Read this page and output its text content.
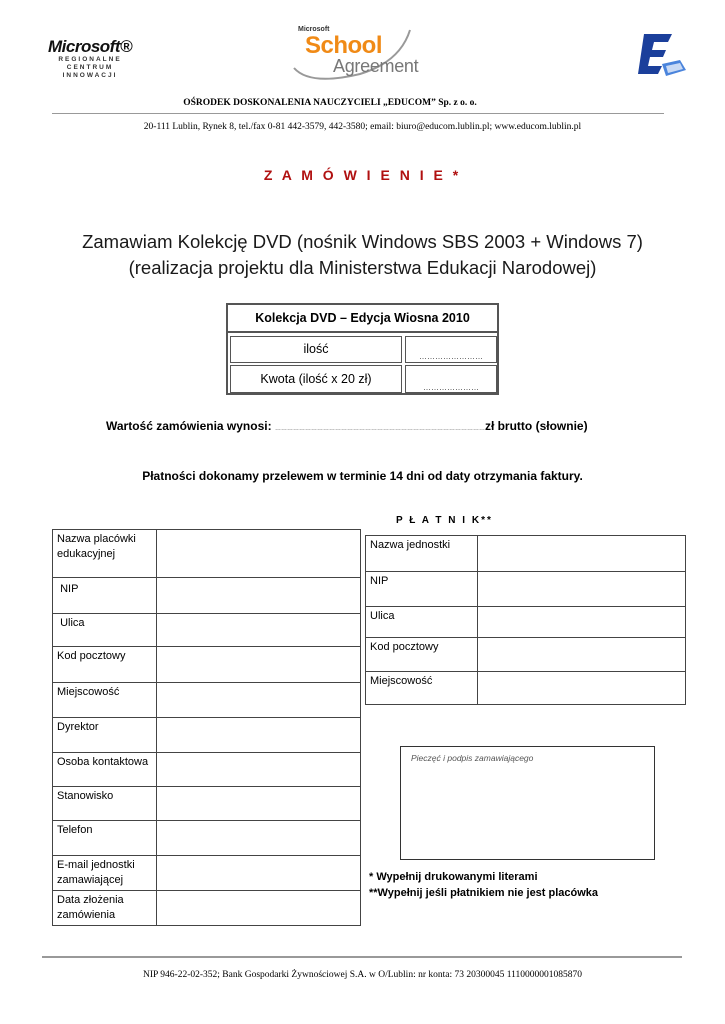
Microsoft®
REGIONALNE
CENTRUM
INNOWACJI
Microsoft
School
Agreement
OŚRODEK DOSKONALENIA NAUCZYCIELI „EDUCOM” Sp. z o. o.
20-111 Lublin, Rynek 8, tel./fax 0-81 442-3579, 442-3580; email: biuro@educom.lublin.pl; www.educom.lublin.pl
Z A M Ó W I E N I E *
Zamawiam Kolekcję DVD (nośnik Windows SBS 2003 + Windows 7) (realizacja projektu dla Ministerstwa Edukacji Narodowej)
Kolekcja DVD – Edycja Wiosna 2010
ilość
……………………
Kwota (ilość x 20 zł)
…………………
Wartość zamówienia wynosi: ……………………………………………………………………………………………zł brutto (słownie)
Płatności dokonamy przelewem w terminie 14 dni od daty otrzymania faktury.
P Ł A T N I K**
Nazwa placówki edukacyjnej	
NIP	
Ulica	
Kod pocztowy	
Miejscowość	
Dyrektor	
Osoba kontaktowa	
Stanowisko	
Telefon	
E-mail jednostki zamawiającej	
Data złożenia zamówienia	
Nazwa jednostki	
NIP	
Ulica	
Kod pocztowy	
Miejscowość	
Pieczęć i podpis zamawiającego
* Wypełnij drukowanymi literami
**Wypełnij jeśli płatnikiem nie jest placówka
NIP 946-22-02-352; Bank Gospodarki Żywnościowej S.A. w O/Lublin: nr konta: 73 20300045 1110000001085870
